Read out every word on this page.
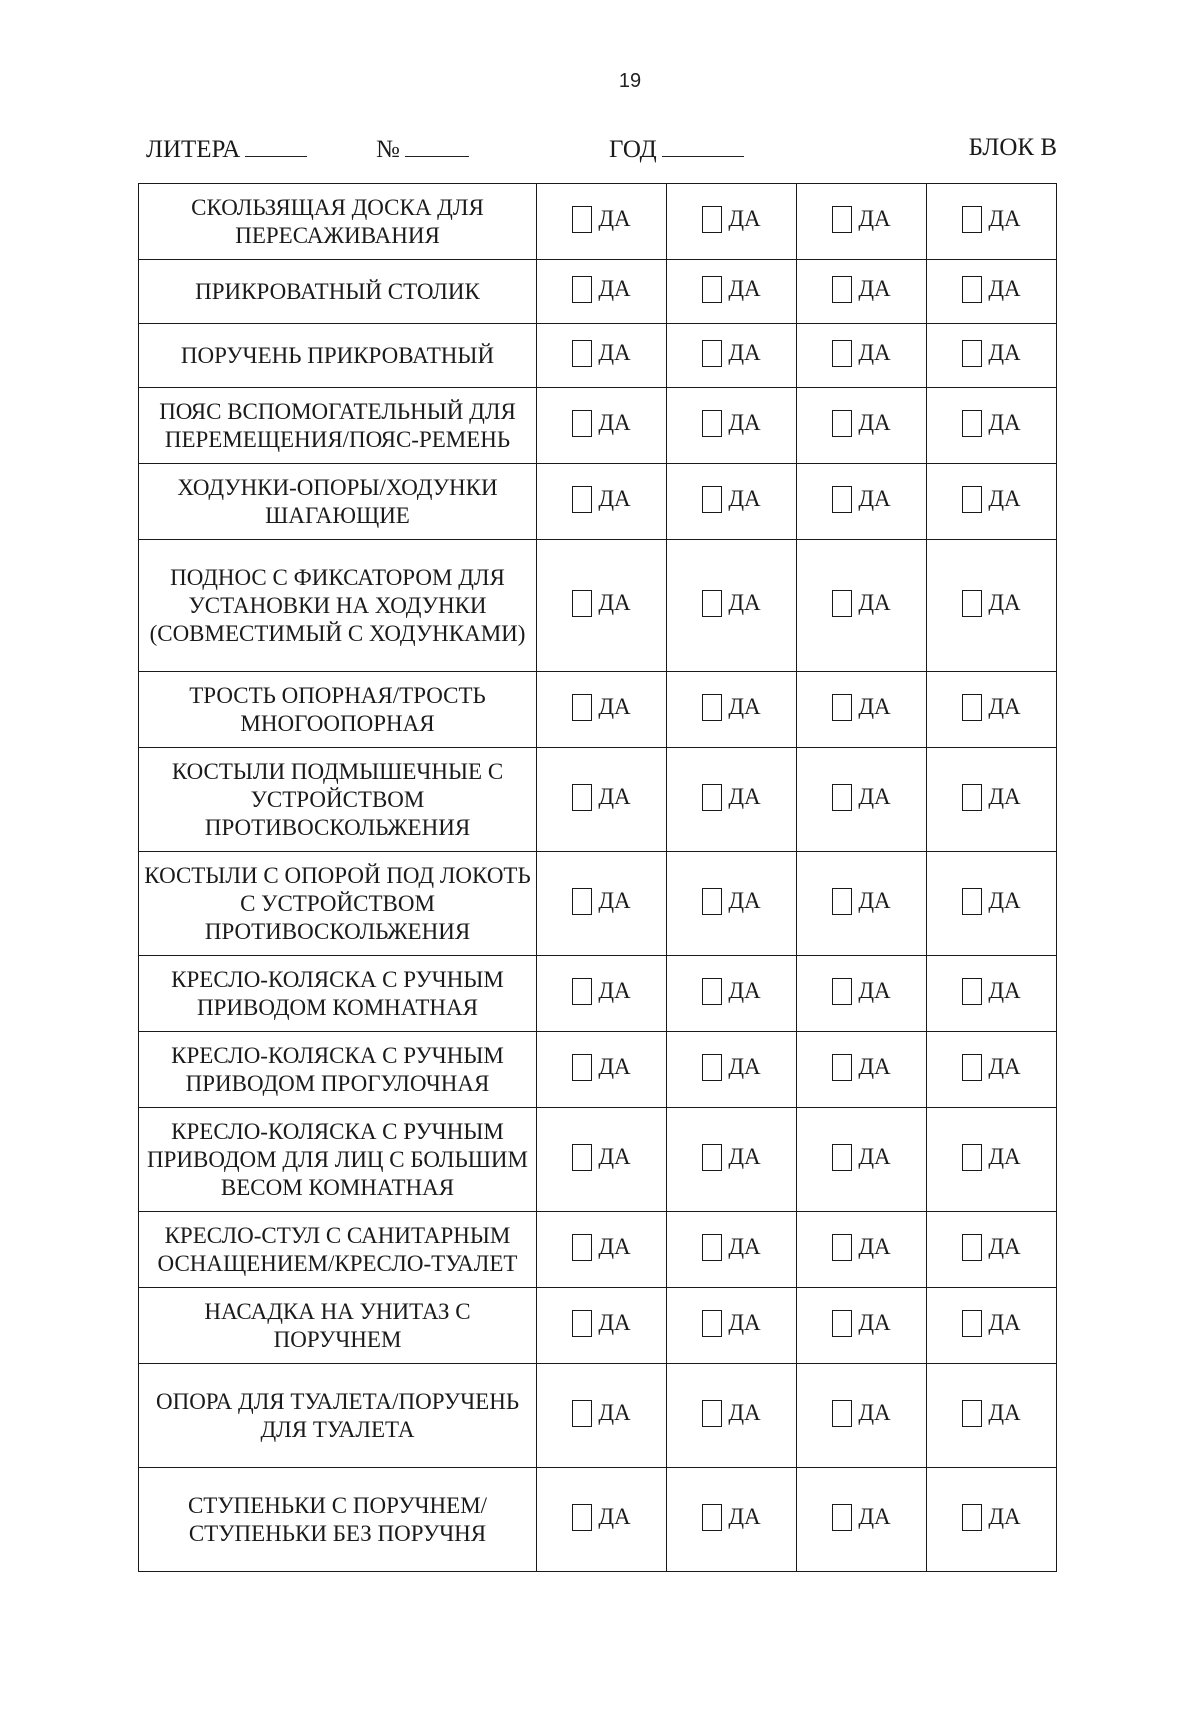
19
ЛИТЕРА	№	ГОД	БЛОК В
СКОЛЬЗЯЩАЯ ДОСКА ДЛЯ ПЕРЕСАЖИВАНИЯ	ДА	ДА	ДА	ДА

ПРИКРОВАТНЫЙ СТОЛИК	ДА	ДА	ДА	ДА

ПОРУЧЕНЬ ПРИКРОВАТНЫЙ	ДА	ДА	ДА	ДА

ПОЯС ВСПОМОГАТЕЛЬНЫЙ ДЛЯ ПЕРЕМЕЩЕНИЯ/ПОЯС-РЕМЕНЬ	ДА	ДА	ДА	ДА

ХОДУНКИ-ОПОРЫ/ХОДУНКИ ШАГАЮЩИЕ	ДА	ДА	ДА	ДА

ПОДНОС С ФИКСАТОРОМ ДЛЯ УСТАНОВКИ НА ХОДУНКИ (СОВМЕСТИМЫЙ С ХОДУНКАМИ)	ДА	ДА	ДА	ДА

ТРОСТЬ ОПОРНАЯ/ТРОСТЬ МНОГООПОРНАЯ	ДА	ДА	ДА	ДА

КОСТЫЛИ ПОДМЫШЕЧНЫЕ С УСТРОЙСТВОМ ПРОТИВОСКОЛЬЖЕНИЯ	ДА	ДА	ДА	ДА

КОСТЫЛИ С ОПОРОЙ ПОД ЛОКОТЬ С УСТРОЙСТВОМ ПРОТИВОСКОЛЬЖЕНИЯ	ДА	ДА	ДА	ДА

КРЕСЛО-КОЛЯСКА С РУЧНЫМ ПРИВОДОМ КОМНАТНАЯ	ДА	ДА	ДА	ДА

КРЕСЛО-КОЛЯСКА С РУЧНЫМ ПРИВОДОМ ПРОГУЛОЧНАЯ	ДА	ДА	ДА	ДА

КРЕСЛО-КОЛЯСКА С РУЧНЫМ ПРИВОДОМ ДЛЯ ЛИЦ С БОЛЬШИМ ВЕСОМ КОМНАТНАЯ	ДА	ДА	ДА	ДА

КРЕСЛО-СТУЛ С САНИТАРНЫМ ОСНАЩЕНИЕМ/КРЕСЛО-ТУАЛЕТ	ДА	ДА	ДА	ДА

НАСАДКА НА УНИТАЗ С ПОРУЧНЕМ	ДА	ДА	ДА	ДА

ОПОРА ДЛЯ ТУАЛЕТА/ПОРУЧЕНЬ ДЛЯ ТУАЛЕТА	ДА	ДА	ДА	ДА

СТУПЕНЬКИ С ПОРУЧНЕМ/СТУПЕНЬКИ БЕЗ ПОРУЧНЯ	ДА	ДА	ДА	ДА
